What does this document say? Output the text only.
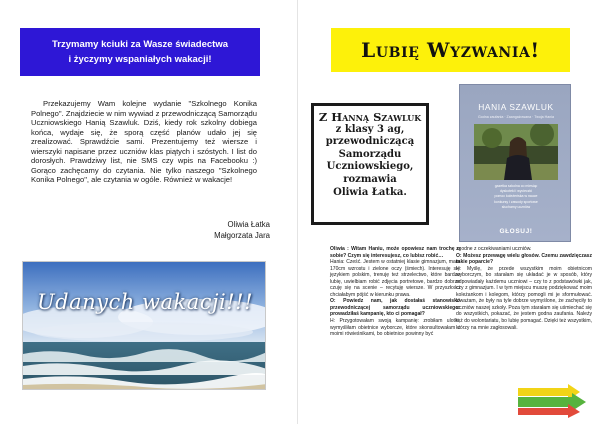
Trzymamy kciuki za Wasze świadectwa
i życzymy wspaniałych wakacji!

Przekazujemy Wam kolejne wydanie "Szkolnego Konika Polnego". Znajdziecie w nim wywiad z przewodniczącą Samorządu Uczniowskiego Hanią Szawluk. Dziś, kiedy rok szkolny dobiega końca, wydaje się, że sporą część planów udało jej się zrealizować. Sprawdźcie sami. Prezentujemy też wiersze i wierszyki napisane przez uczniów klas piątych i szóstych. I list do dorosłych. Prawdziwy list, nie SMS czy wpis na Facebooku :) Gorąco zachęcamy do czytania. Nie tylko naszego "Szkolnego Konika Polnego", ale czytania w ogóle. Również w wakacje!

Oliwia Łatka
Małgorzata Jara
Udanych wakacji!!!
Lubię Wyzwania!
Z Hanną Szawluk
z klasy 3 ag,
przewodniczącą
Samorządu
Uczniowskiego,
rozmawia
Oliwia Łatka.
HANIA SZAWLUK
Godna zaufania · Zaangażowana · Twoja Hania
gazetka szkolna co miesiąc
dyskoteki i wycieczki
pomoc koleżeńska w nauce
konkursy i zawody sportowe
słuchamy uczniów
GŁOSUJ!

Oliwia : Witam Haniu, może opowiesz nam trochę o sobie? Czym się interesujesz, co lubisz robić…

Hania: Cześć. Jestem w ostatniej klasie gimnazjum, mam 170cm wzrostu i zielone oczy (śmiech). Interesuję się językiem polskim, trenuję też strzelectwo, które bardzo lubię, uwielbiam robić zdjęcia portretowe, bardzo dobrze czuję się na scenie – recytuję wiersze. W przyszłości chciałabym pójść w kierunku prawa.

O: Powiedz nam, jak dostałaś stanowisko przewodniczącej samorządu uczniowskiego: prowadziłaś kampanię, kto ci pomagał?

H: Przygotowałam swoją kampanię: zrobiłam ulotki, wymyśliłam obietnice wyborcze, które skonsultowałam z moimi rówieśnikami, bo obietnice powinny być

zgodne z oczekiwaniami uczniów.

O: Możesz przewagę wielu głosów. Czemu zawdzięczasz takie poparcie?

H: Myślę, że przede wszystkim moim obietnicom wyborczym, bo starałam się układać je w sposób, który odpowiadały każdemu uczniowi – czy to z podstawówki jak, czy z gimnazjum. I w tym miejscu muszę podziękować moim koleżankom i kolegom, którzy pomogli mi je sformułować. Uważam, że były na tyle dobrze wymyślone, że zachęciły to uczniów naszej szkoły. Poza tym starałam się uśmiechać się do wszystkich, pokazać, że jestem godna zaufania. Należy też do wolontariatu, bo lubię pomagać. Dzięki też wszystkim, którzy na mnie zagłosowali.
